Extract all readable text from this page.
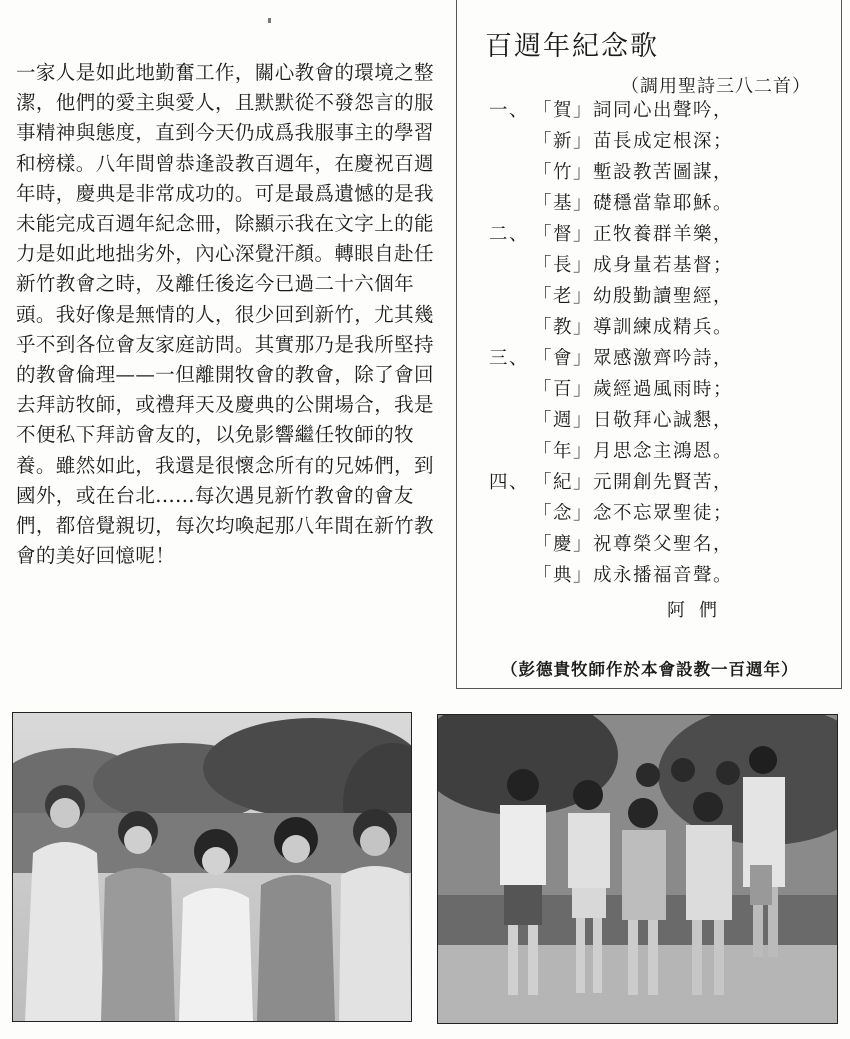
一家人是如此地勤奮工作，關心教會的環境之整潔，他們的愛主與愛人，且默默從不發怨言的服事精神與態度，直到今天仍成爲我服事主的學習和榜樣。八年間曾恭逢設教百週年，在慶祝百週年時，慶典是非常成功的。可是最爲遺憾的是我未能完成百週年紀念冊，除顯示我在文字上的能力是如此地拙劣外，內心深覺汗顏。轉眼自赴任新竹教會之時，及離任後迄今已過二十六個年頭。我好像是無情的人，很少回到新竹，尤其幾乎不到各位會友家庭訪問。其實那乃是我所堅持的教會倫理——一但離開牧會的教會，除了會回去拜訪牧師，或禮拜天及慶典的公開場合，我是不便私下拜訪會友的，以免影響繼任牧師的牧養。雖然如此，我還是很懷念所有的兄姊們，到國外，或在台北......每次遇見新竹教會的會友們，都倍覺親切，每次均喚起那八年間在新竹教會的美好回憶呢！

百週年紀念歌
（調用聖詩三八二首）
一、 「賀」詞同心出聲吟，
「新」苗長成定根深；
「竹」塹設教苦圖謀，
「基」礎穩當靠耶穌。
二、 「督」正牧養群羊樂，
「長」成身量若基督；
「老」幼殷勤讀聖經，
「教」導訓練成精兵。
三、 「會」眾感激齊吟詩，
「百」歲經過風雨時；
「週」日敬拜心誠懇，
「年」月思念主鴻恩。
四、 「紀」元開創先賢苦，
「念」念不忘眾聖徒；
「慶」祝尊榮父聖名，
「典」成永播福音聲。
阿們
（彭德貴牧師作於本會設教一百週年）
